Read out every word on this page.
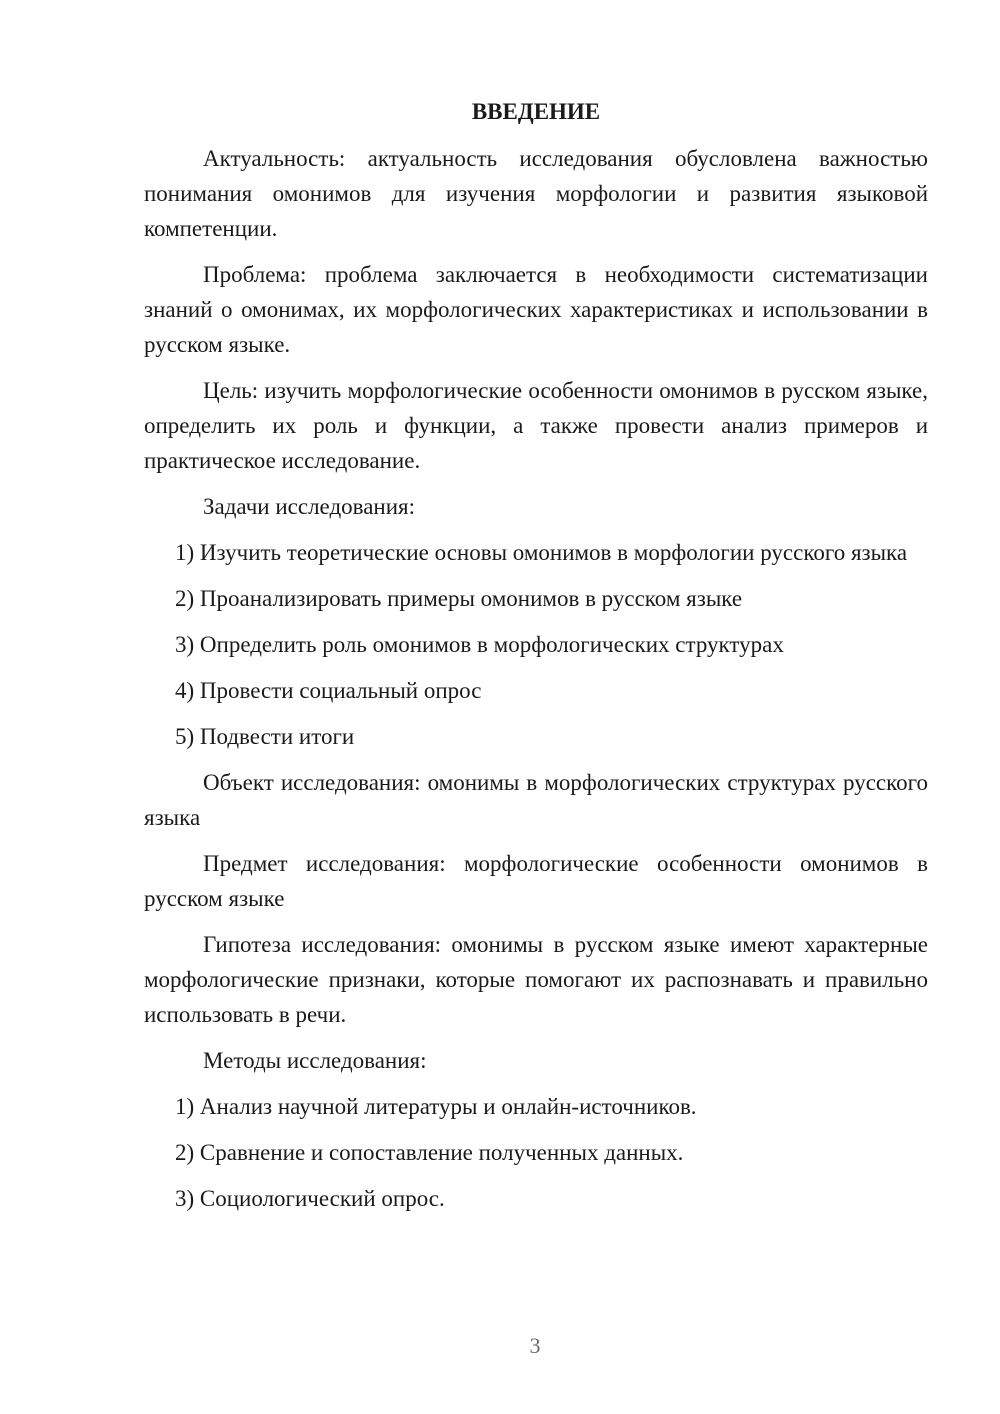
ВВЕДЕНИЕ

Актуальность: актуальность исследования обусловлена важностью понимания омонимов для изучения морфологии и развития языковой компетенции.

Проблема: проблема заключается в необходимости систематизации знаний о омонимах, их морфологических характеристиках и использовании в русском языке.

Цель: изучить морфологические особенности омонимов в русском языке, определить их роль и функции, а также провести анализ примеров и практическое исследование.

Задачи исследования:

1) Изучить теоретические основы омонимов в морфологии русского языка

2) Проанализировать примеры омонимов в русском языке

3) Определить роль омонимов в морфологических структурах

4) Провести социальный опрос

5) Подвести итоги

Объект исследования: омонимы в морфологических структурах русского языка

Предмет исследования: морфологические особенности омонимов в русском языке

Гипотеза исследования: омонимы в русском языке имеют характерные морфологические признаки, которые помогают их распознавать и правильно использовать в речи.

Методы исследования:

1) Анализ научной литературы и онлайн-источников.

2) Сравнение и сопоставление полученных данных.

3) Социологический опрос.

3
